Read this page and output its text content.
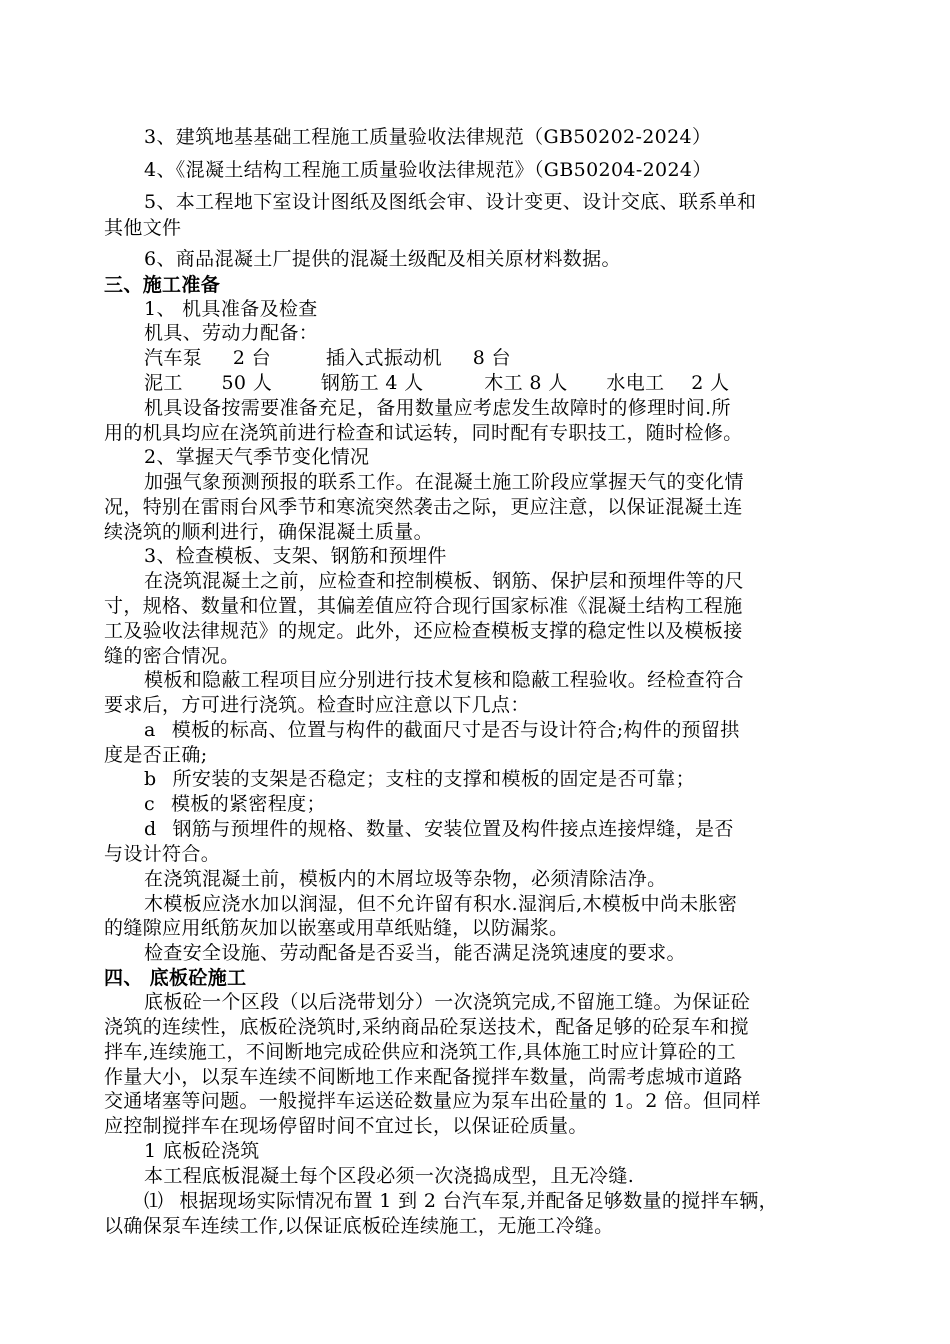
3、建筑地基基础工程施工质量验收法律规范（GB50202-2024）

4、《混凝土结构工程施工质量验收法律规范》（GB50204-2024）

5、本工程地下室设计图纸及图纸会审、设计变更、设计交底、联系单和

其他文件

6、商品混凝土厂提供的混凝土级配及相关原材料数据。

三、施工准备

1、 机具准备及检查

机具、劳动力配备：

汽车泵 2 台	插入式振动机 8 台

泥工 50 人	钢筋工 4 人	木工 8 人 水电工 2 人

机具设备按需要准备充足，备用数量应考虑发生故障时的修理时间.所

用的机具均应在浇筑前进行检查和试运转，同时配有专职技工，随时检修。

2、掌握天气季节变化情况

加强气象预测预报的联系工作。在混凝土施工阶段应掌握天气的变化情

况，特别在雷雨台风季节和寒流突然袭击之际，更应注意，以保证混凝土连

续浇筑的顺利进行，确保混凝土质量。

3、检查模板、支架、钢筋和预埋件

在浇筑混凝土之前，应检查和控制模板、钢筋、保护层和预埋件等的尺

寸，规格、数量和位置，其偏差值应符合现行国家标准《混凝土结构工程施

工及验收法律规范》的规定。此外，还应检查模板支撑的稳定性以及模板接

缝的密合情况。

模板和隐蔽工程项目应分别进行技术复核和隐蔽工程验收。经检查符合

要求后，方可进行浇筑。检查时应注意以下几点：

a 模板的标高、位置与构件的截面尺寸是否与设计符合;构件的预留拱

度是否正确;

b 所安装的支架是否稳定；支柱的支撑和模板的固定是否可靠；

c 模板的紧密程度；

d 钢筋与预埋件的规格、数量、安装位置及构件接点连接焊缝，是否

与设计符合。

在浇筑混凝土前，模板内的木屑垃圾等杂物，必须清除洁净。

木模板应浇水加以润湿，但不允许留有积水.湿润后,木模板中尚未胀密

的缝隙应用纸筋灰加以嵌塞或用草纸贴缝，以防漏浆。

检查安全设施、劳动配备是否妥当，能否满足浇筑速度的要求。

四、 底板砼施工

底板砼一个区段（以后浇带划分）一次浇筑完成,不留施工缝。为保证砼

浇筑的连续性，底板砼浇筑时,采纳商品砼泵送技术，配备足够的砼泵车和搅

拌车,连续施工，不间断地完成砼供应和浇筑工作,具体施工时应计算砼的工

作量大小，以泵车连续不间断地工作来配备搅拌车数量，尚需考虑城市道路

交通堵塞等问题。一般搅拌车运送砼数量应为泵车出砼量的 1。2 倍。但同样

应控制搅拌车在现场停留时间不宜过长，以保证砼质量。

1 底板砼浇筑

本工程底板混凝土每个区段必须一次浇捣成型，且无冷缝.

⑴ 根据现场实际情况布置 1 到 2 台汽车泵,并配备足够数量的搅拌车辆，

以确保泵车连续工作,以保证底板砼连续施工，无施工冷缝。
